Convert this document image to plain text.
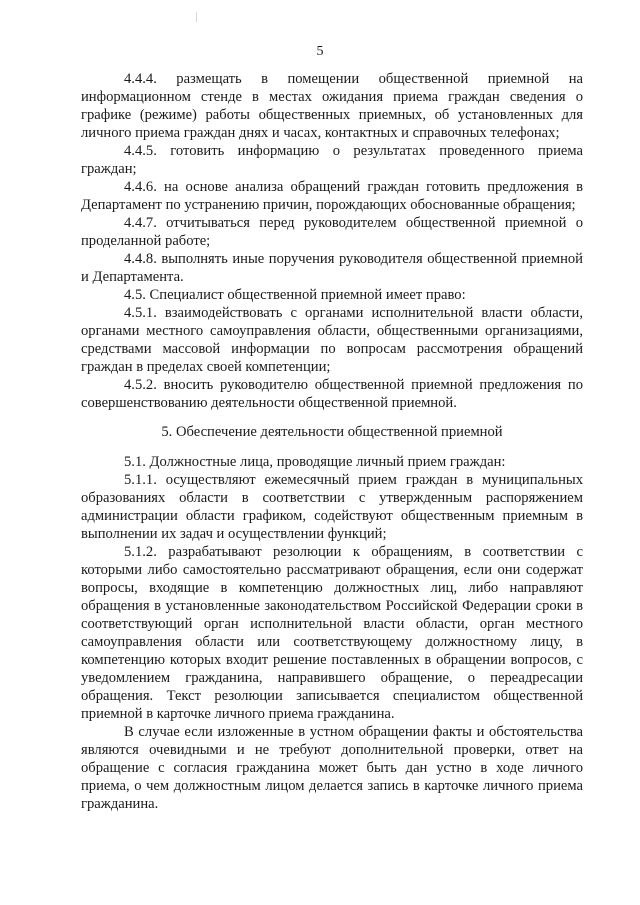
5

4.4.4. размещать в помещении общественной приемной на информационном стенде в местах ожидания приема граждан сведения о графике (режиме) работы общественных приемных, об установленных для личного приема граждан днях и часах, контактных и справочных телефонах;

4.4.5. готовить информацию о результатах проведенного приема граждан;

4.4.6. на основе анализа обращений граждан готовить предложения в Департамент по устранению причин, порождающих обоснованные обращения;

4.4.7. отчитываться перед руководителем общественной приемной о проделанной работе;

4.4.8. выполнять иные поручения руководителя общественной приемной и Департамента.

4.5. Специалист общественной приемной имеет право:

4.5.1. взаимодействовать с органами исполнительной власти области, органами местного самоуправления области, общественными организациями, средствами массовой информации по вопросам рассмотрения обращений граждан в пределах своей компетенции;

4.5.2. вносить руководителю общественной приемной предложения по совершенствованию деятельности общественной приемной.

5. Обеспечение деятельности общественной приемной

5.1. Должностные лица, проводящие личный прием граждан:

5.1.1. осуществляют ежемесячный прием граждан в муниципальных образованиях области в соответствии с утвержденным распоряжением администрации области графиком, содействуют общественным приемным в выполнении их задач и осуществлении функций;

5.1.2. разрабатывают резолюции к обращениям, в соответствии с которыми либо самостоятельно рассматривают обращения, если они содержат вопросы, входящие в компетенцию должностных лиц, либо направляют обращения в установленные законодательством Российской Федерации сроки в соответствующий орган исполнительной власти области, орган местного самоуправления области или соответствующему должностному лицу, в компетенцию которых входит решение поставленных в обращении вопросов, с уведомлением гражданина, направившего обращение, о переадресации обращения. Текст резолюции записывается специалистом общественной приемной в карточке личного приема гражданина.

В случае если изложенные в устном обращении факты и обстоятельства являются очевидными и не требуют дополнительной проверки, ответ на обращение с согласия гражданина может быть дан устно в ходе личного приема, о чем должностным лицом делается запись в карточке личного приема гражданина.
